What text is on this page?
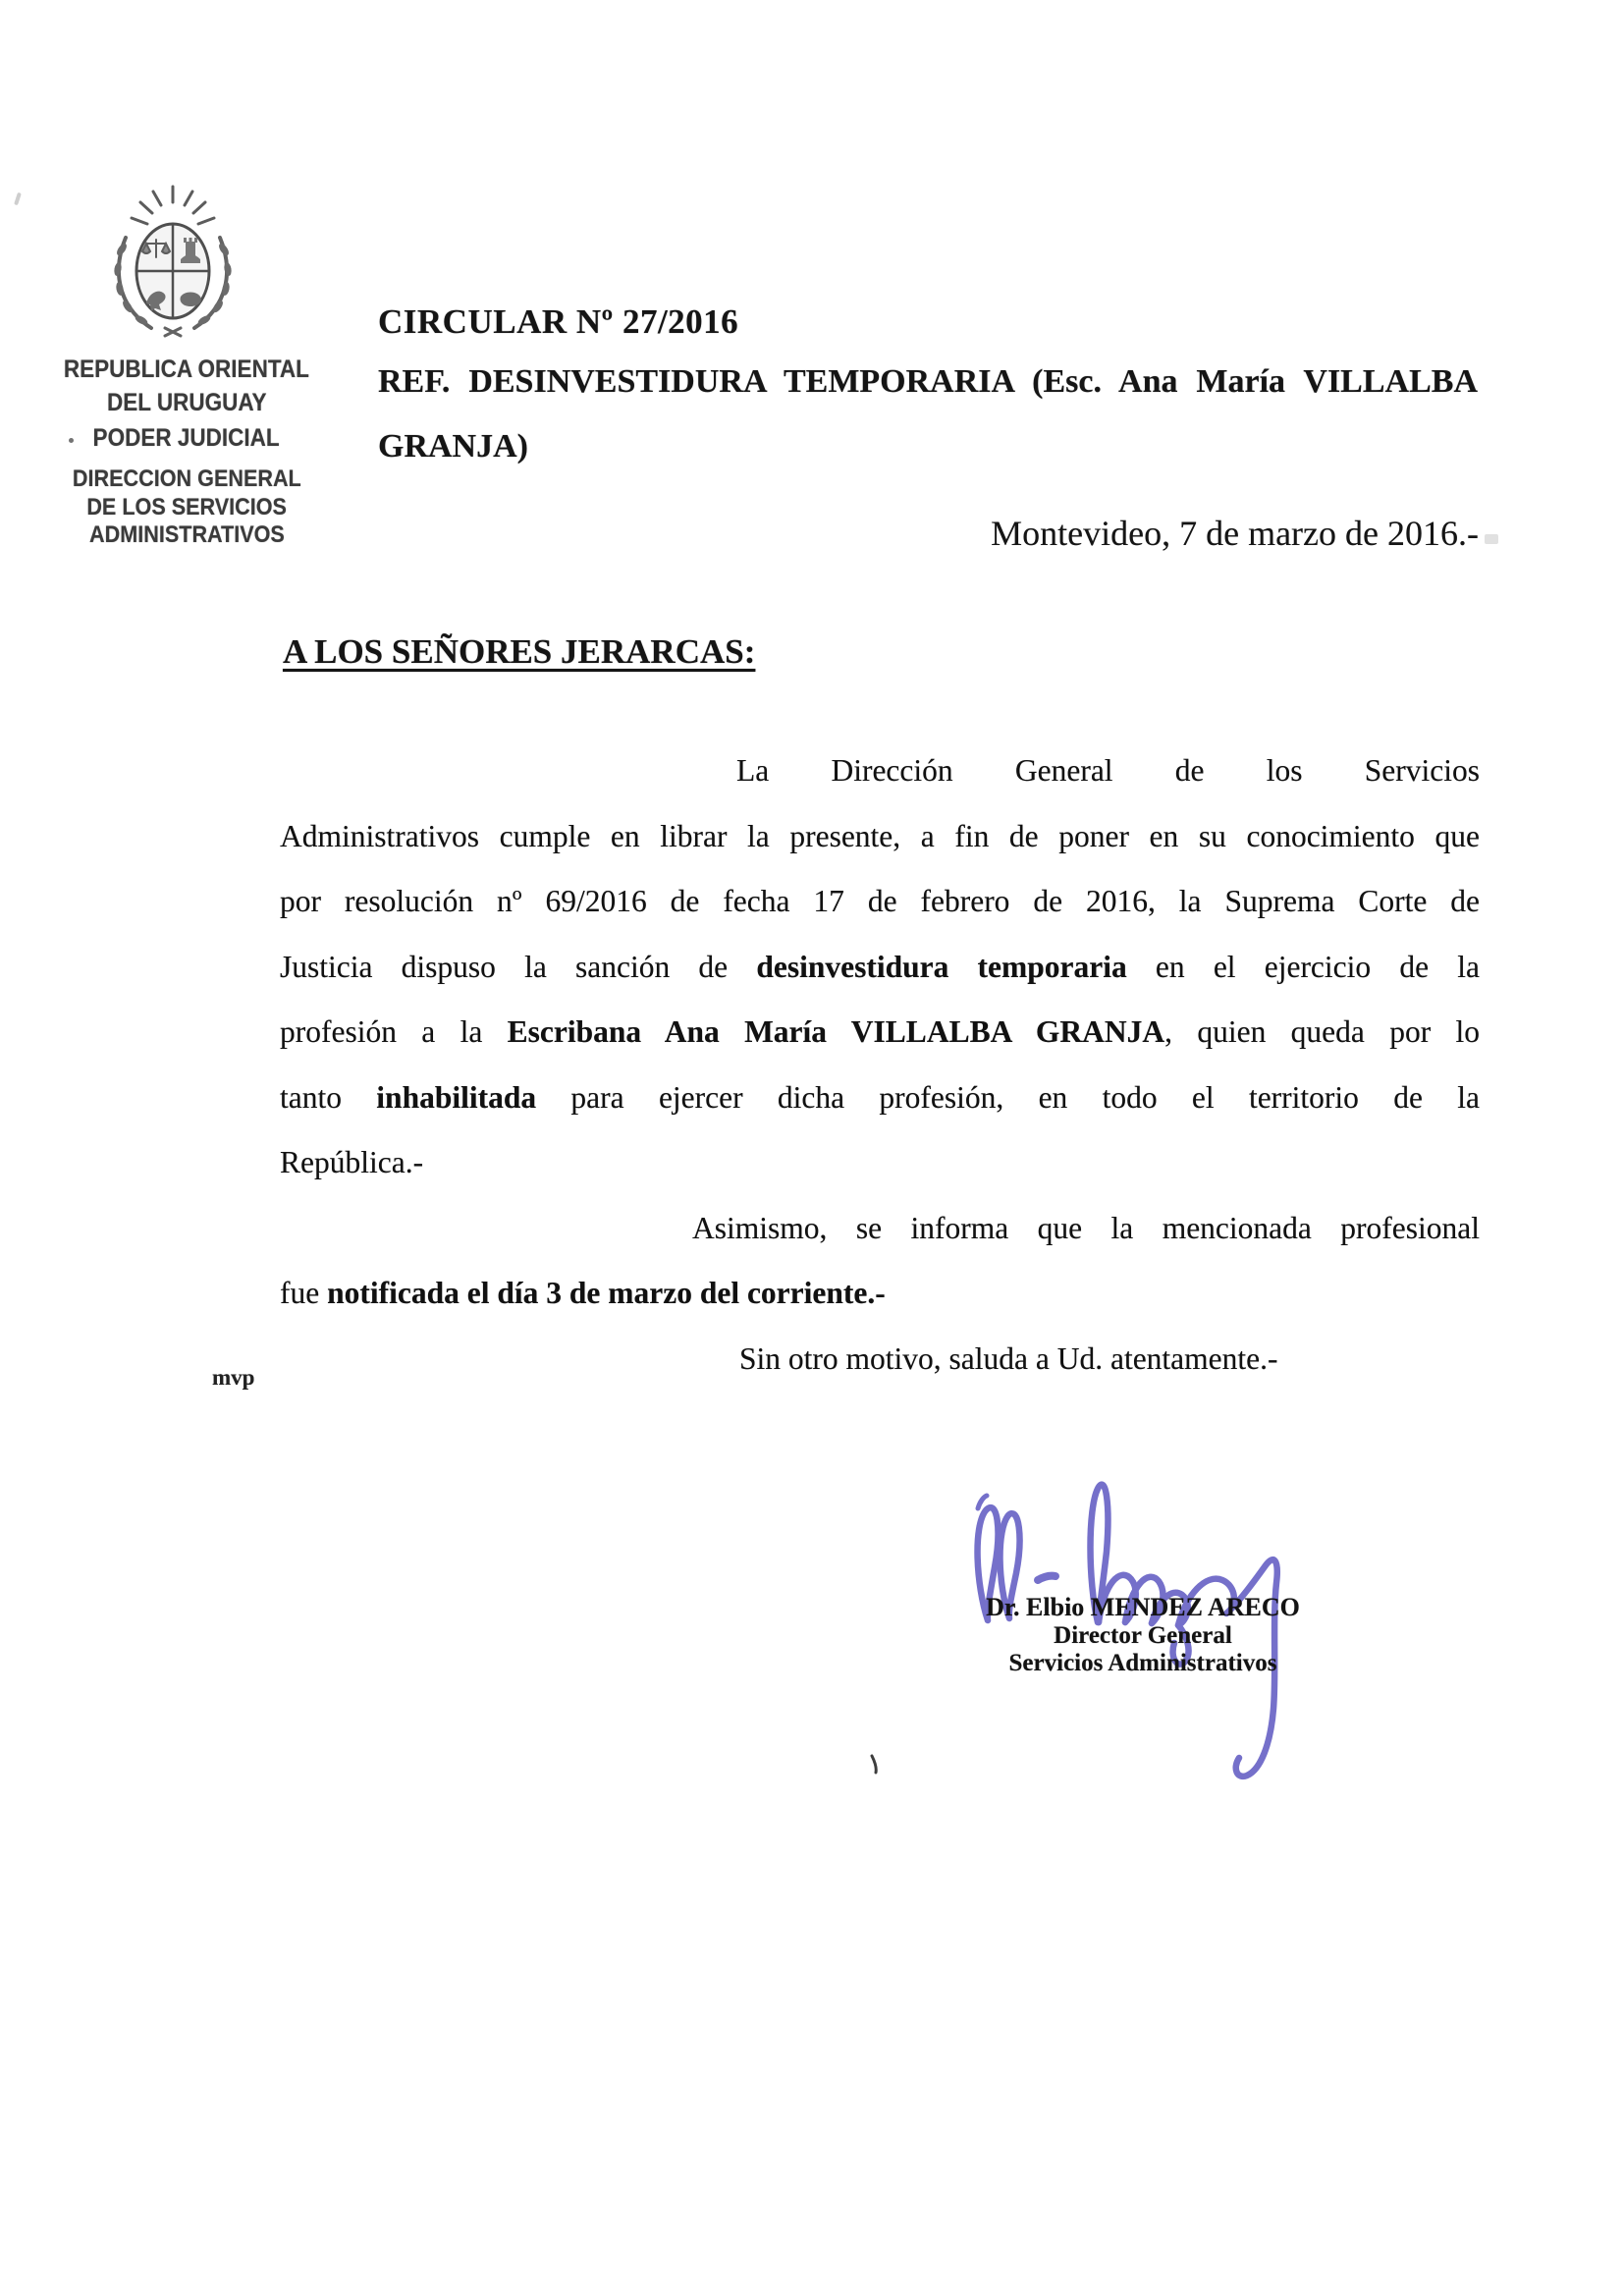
REPUBLICA ORIENTAL
DEL URUGUAY
PODER JUDICIAL
DIRECCION GENERAL
DE LOS SERVICIOS
ADMINISTRATIVOS
CIRCULAR Nº 27/2016
REF. DESINVESTIDURA TEMPORARIA (Esc. Ana María VILLALBA
GRANJA)
Montevideo, 7 de marzo de 2016.-
A LOS SEÑORES JERARCAS:
La Dirección General de los Servicios
Administrativos cumple en librar la presente, a fin de poner en su conocimiento que
por resolución nº 69/2016 de fecha 17 de febrero de 2016, la Suprema Corte de
Justicia dispuso la sanción de desinvestidura temporaria en el ejercicio de la
profesión a la Escribana Ana María VILLALBA GRANJA, quien queda por lo
tanto inhabilitada para ejercer dicha profesión, en todo el territorio de la
República.-
Asimismo, se informa que la mencionada profesional
fue notificada el día 3 de marzo del corriente.-
Sin otro motivo, saluda a Ud. atentamente.-
mvp
Dr. Elbio MENDEZ ARECO
Director General
Servicios Administrativos
